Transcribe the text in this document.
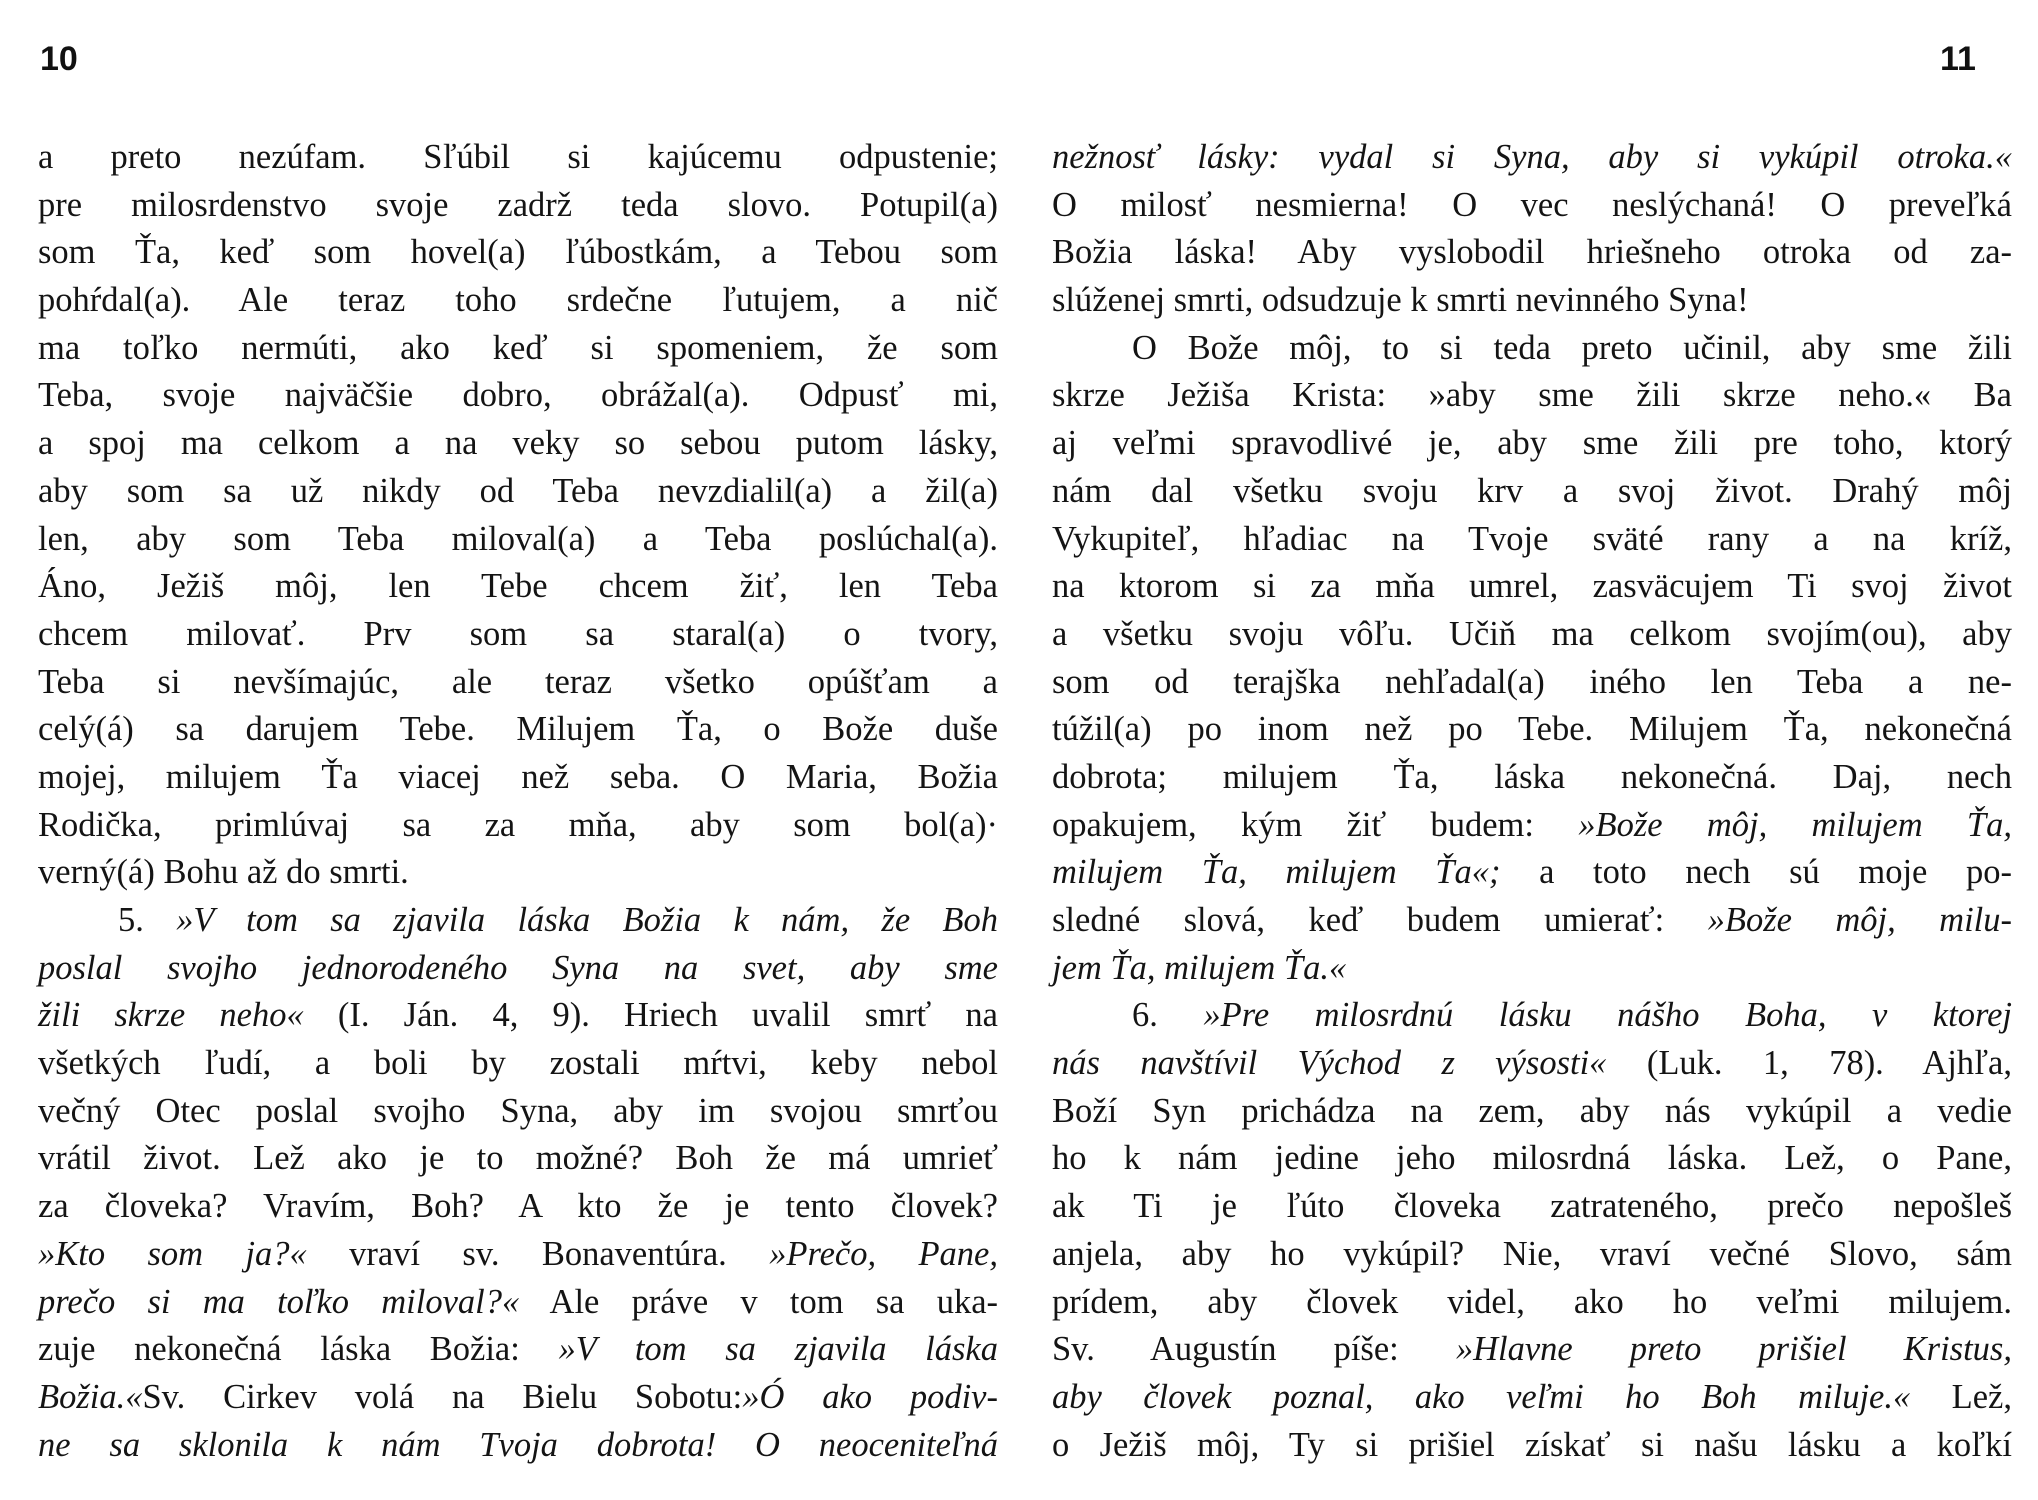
10	11
a preto nezúfam. Sľúbil si kajúcemu odpustenie;
pre milosrdenstvo svoje zadrž teda slovo. Potupil(a)
som Ťa, keď som hovel(a) ľúbostkám, a Tebou som
pohŕdal(a). Ale teraz toho srdečne ľutujem, a nič
ma toľko nermúti, ako keď si spomeniem, že som
Teba, svoje najväčšie dobro, obrážal(a). Odpusť mi,
a spoj ma celkom a na veky so sebou putom lásky,
aby som sa už nikdy od Teba nevzdialil(a) a žil(a)
len, aby som Teba miloval(a) a Teba poslúchal(a).
Áno, Ježiš môj, len Tebe chcem žiť, len Teba
chcem milovať. Prv som sa staral(a) o tvory,
Teba si nevšímajúc, ale teraz všetko opúšťam a
celý(á) sa darujem Tebe. Milujem Ťa, o Bože duše
mojej, milujem Ťa viacej než seba. O Maria, Božia
Rodička, primlúvaj sa za mňa, aby som bol(a)·
verný(á) Bohu až do smrti.
5. »V tom sa zjavila láska Božia k nám, že Boh
poslal svojho jednorodeného Syna na svet, aby sme
žili skrze neho« (I. Ján. 4, 9). Hriech uvalil smrť na
všetkých ľudí, a boli by zostali mŕtvi, keby nebol
večný Otec poslal svojho Syna, aby im svojou smrťou
vrátil život. Lež ako je to možné? Boh že má umrieť
za človeka? Vravím, Boh? A kto že je tento človek?
»Kto som ja?« vraví sv. Bonaventúra. »Prečo, Pane,
prečo si ma toľko miloval?« Ale práve v tom sa uka-
zuje nekonečná láska Božia: »V tom sa zjavila láska
Božia.«Sv. Cirkev volá na Bielu Sobotu:»Ó ako podiv-
ne sa sklonila k nám Tvoja dobrota! O neoceniteľná
nežnosť lásky: vydal si Syna, aby si vykúpil otroka.«
O milosť nesmierna! O vec neslýchaná! O preveľká
Božia láska! Aby vyslobodil hriešneho otroka od za-
slúženej smrti, odsudzuje k smrti nevinného Syna!
O Bože môj, to si teda preto učinil, aby sme žili
skrze Ježiša Krista: »aby sme žili skrze neho.« Ba
aj veľmi spravodlivé je, aby sme žili pre toho, ktorý
nám dal všetku svoju krv a svoj život. Drahý môj
Vykupiteľ, hľadiac na Tvoje sväté rany a na kríž,
na ktorom si za mňa umrel, zasväcujem Ti svoj život
a všetku svoju vôľu. Učiň ma celkom svojím(ou), aby
som od terajška nehľadal(a) iného len Teba a ne-
túžil(a) po inom než po Tebe. Milujem Ťa, nekonečná
dobrota; milujem Ťa, láska nekonečná. Daj, nech
opakujem, kým žiť budem: »Bože môj, milujem Ťa,
milujem Ťa, milujem Ťa«; a toto nech sú moje po-
sledné slová, keď budem umierať: »Bože môj, milu-
jem Ťa, milujem Ťa.«
6. »Pre milosrdnú lásku nášho Boha, v ktorej
nás navštívil Východ z výsosti« (Luk. 1, 78). Ajhľa,
Boží Syn prichádza na zem, aby nás vykúpil a vedie
ho k nám jedine jeho milosrdná láska. Lež, o Pane,
ak Ti je ľúto človeka zatrateného, prečo nepošleš
anjela, aby ho vykúpil? Nie, vraví večné Slovo, sám
prídem, aby človek videl, ako ho veľmi milujem.
Sv. Augustín píše: »Hlavne preto prišiel Kristus,
aby človek poznal, ako veľmi ho Boh miluje.« Lež,
o Ježiš môj, Ty si prišiel získať si našu lásku a koľkí
